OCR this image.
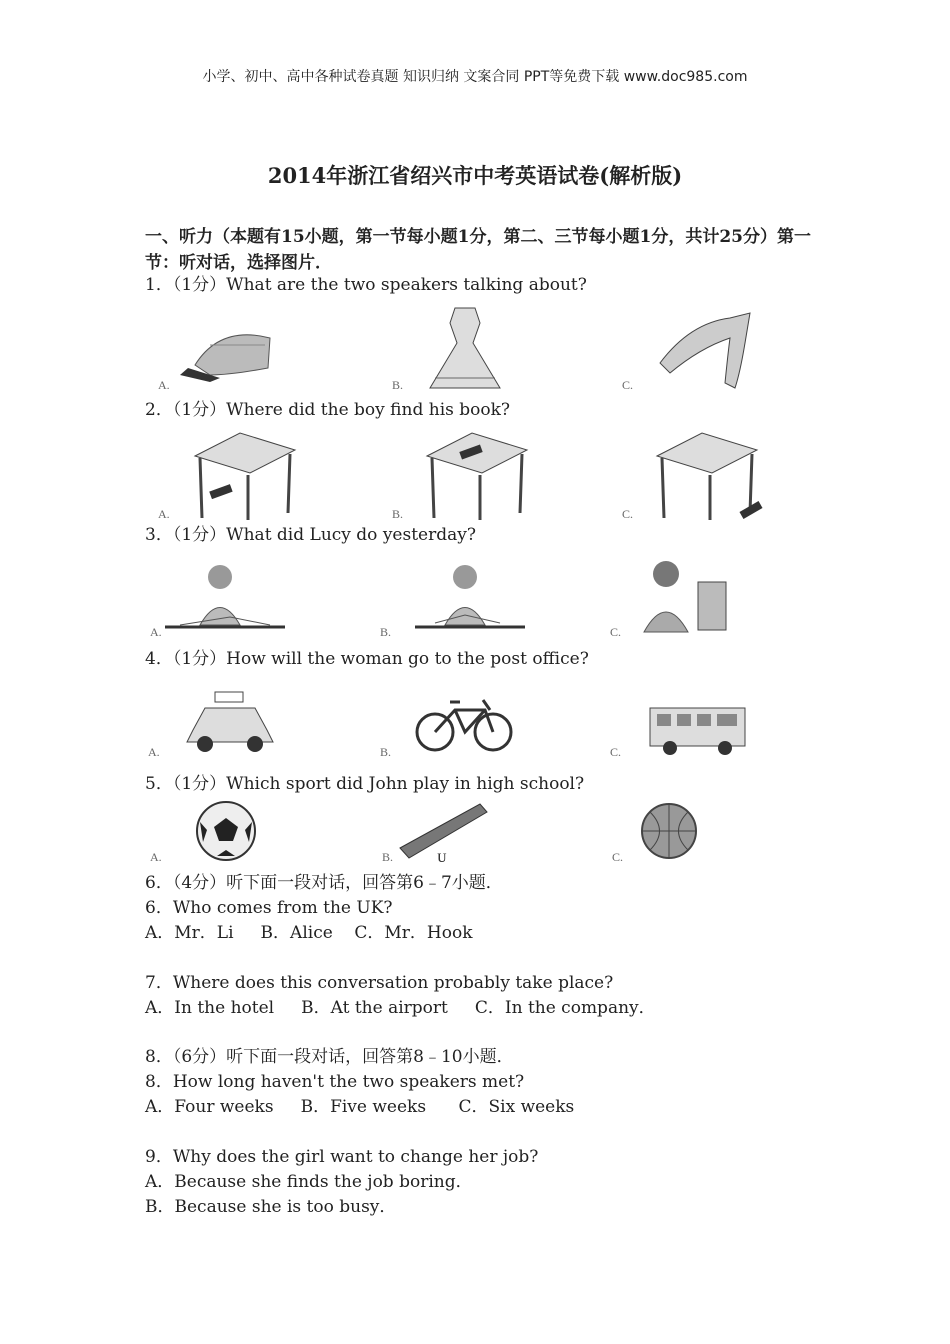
小学、初中、高中各种试卷真题 知识归纳 文案合同 PPT等免费下载 www.doc985.com
2014年浙江省绍兴市中考英语试卷(解析版)
一、听力（本题有15小题，第一节每小题1分，第二、三节每小题1分，共计25分）第一节：听对话，选择图片．
1．（1分）What are the two speakers talking about?
A.	B.	C.
2．（1分）Where did the boy find his book?
A.	B.	C.
3．（1分）What did Lucy do yesterday?
A.	B.	C.
4．（1分）How will the woman go to the post office?
A.	B.	C.
5．（1分）Which sport did John play in high school?
A.	ᴜ
B.	C.
6．（4分）听下面一段对话，回答第6﹣7小题．
6．Who comes from the UK?
A．Mr．Li     B．Alice    C．Mr．Hook
7．Where does this conversation probably take place?
A．In the hotel     B．At the airport     C．In the company．
8．（6分）听下面一段对话，回答第8﹣10小题．
8．How long haven't the two speakers met?
A．Four weeks     B．Five weeks      C．Six weeks
9．Why does the girl want to change her job?
A．Because she finds the job boring．
B．Because she is too busy．
